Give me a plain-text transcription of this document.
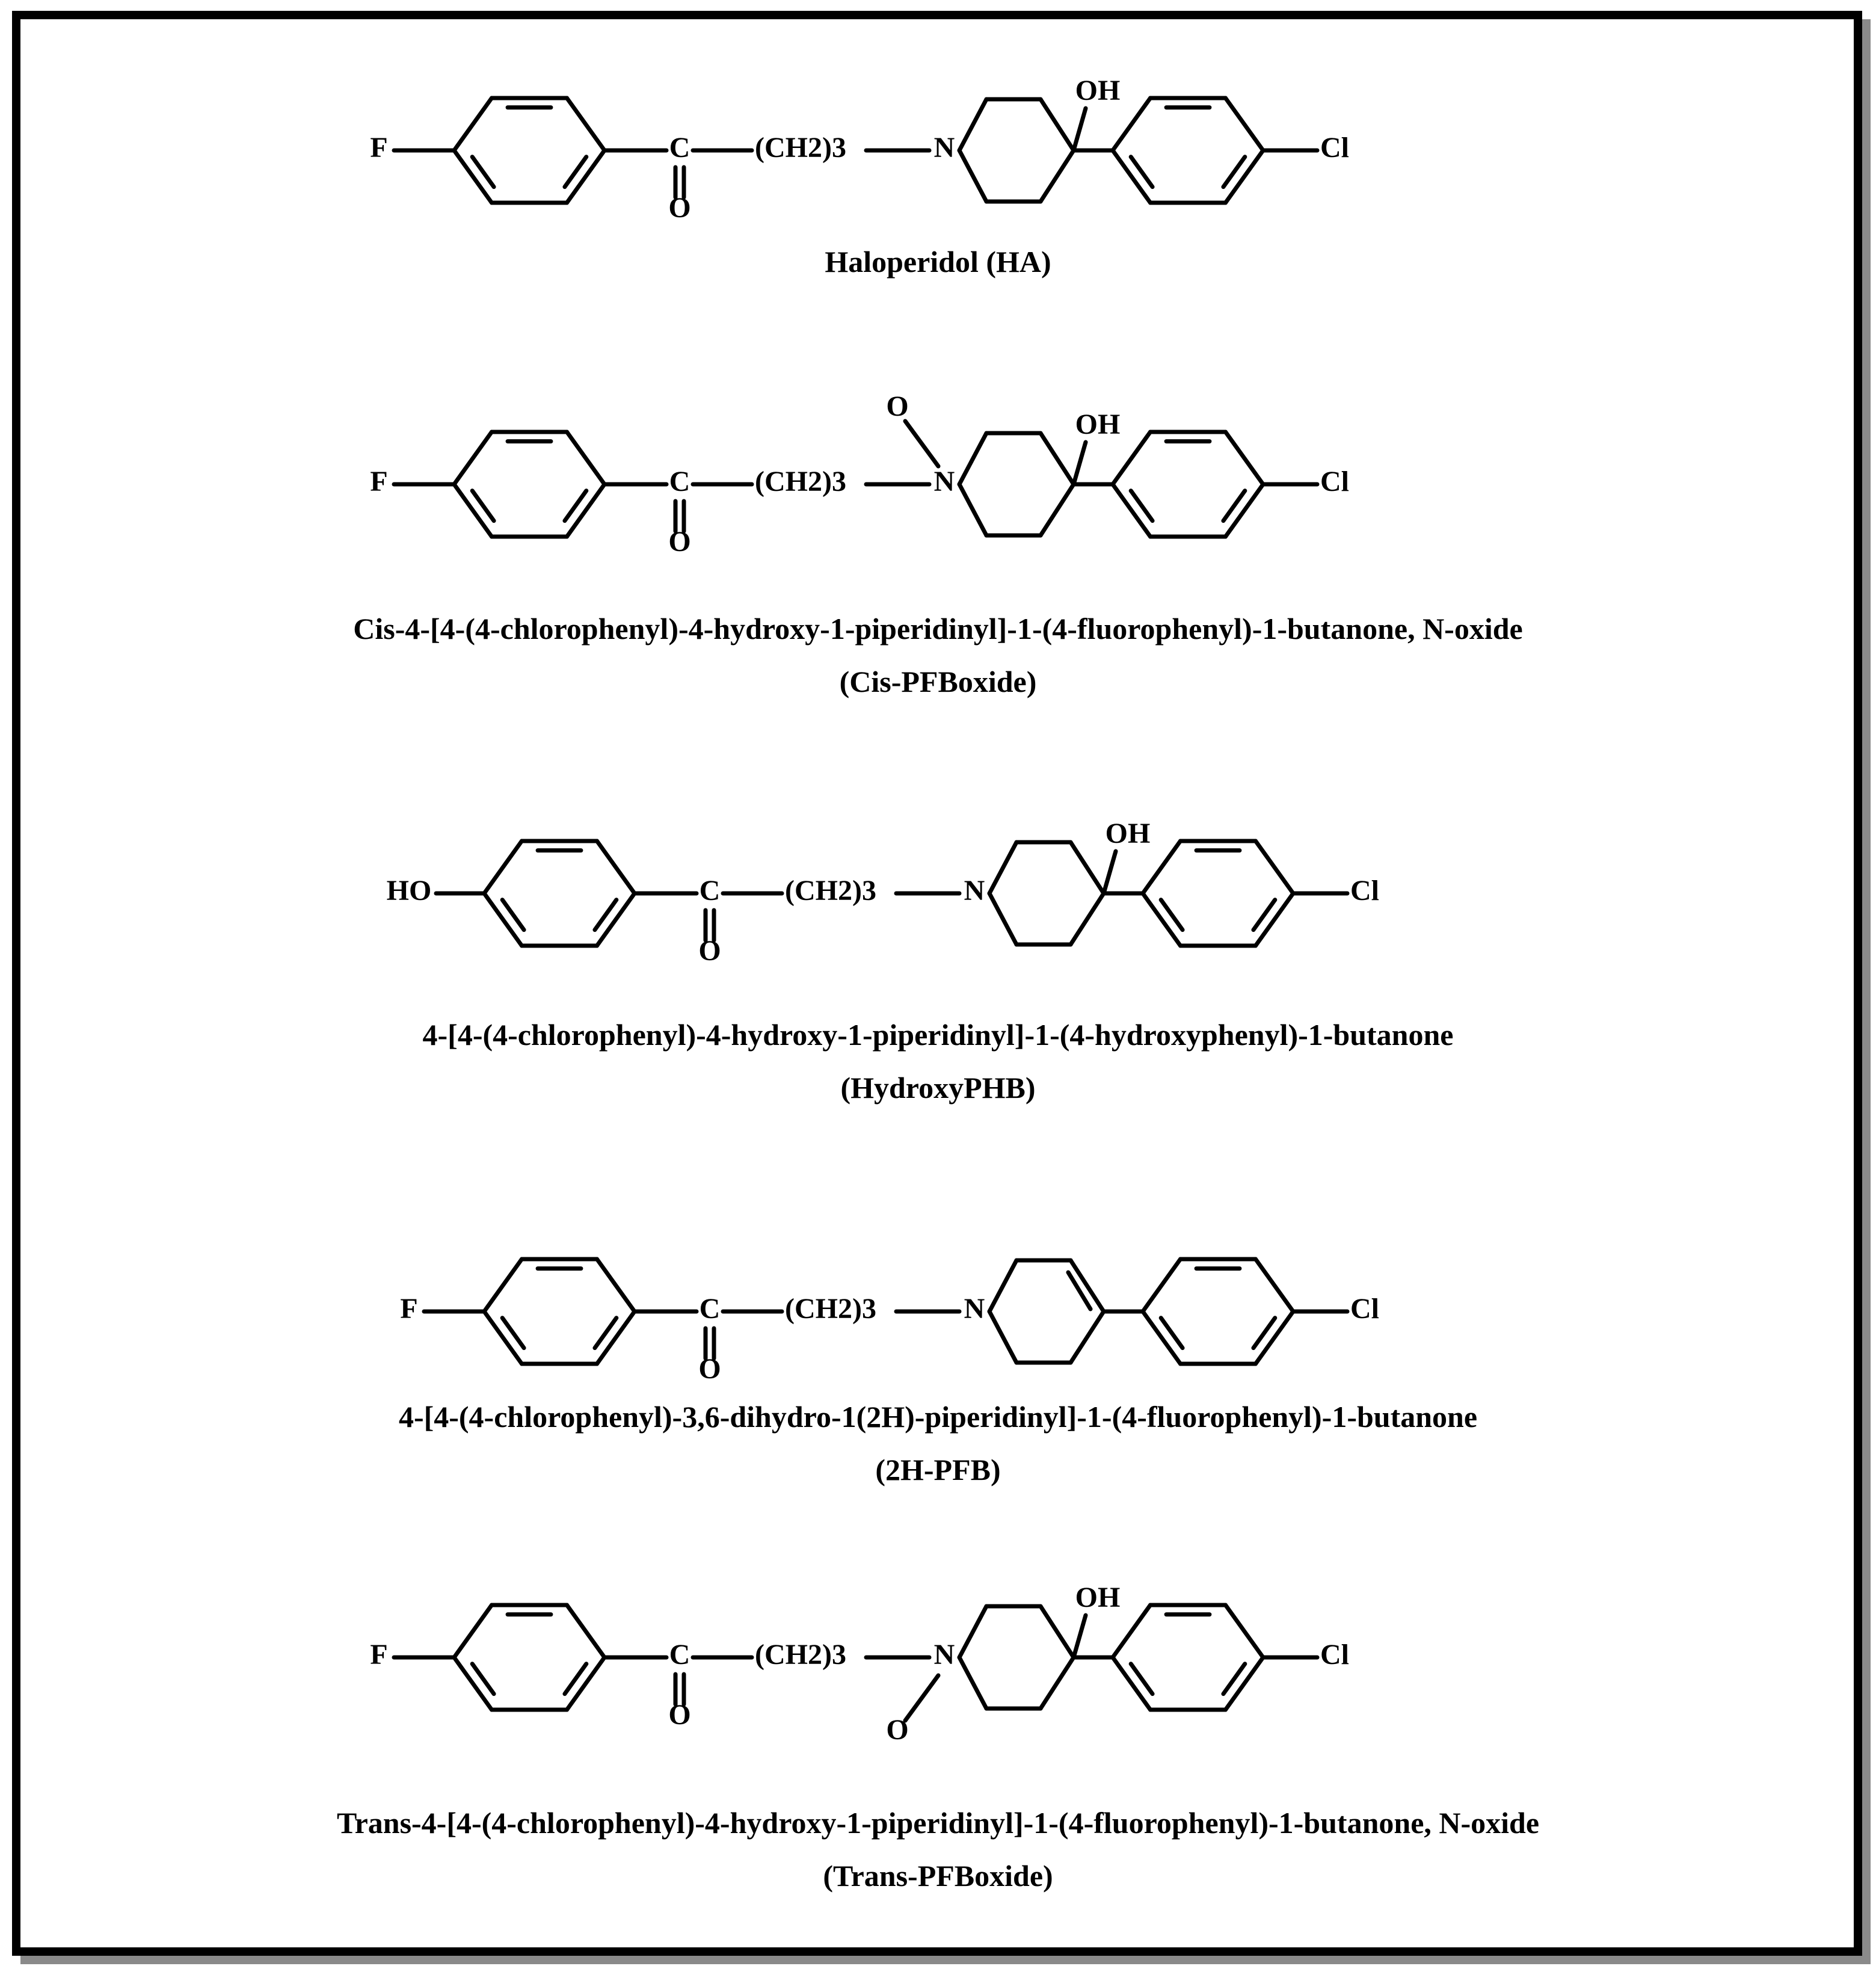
F	C
O
(CH2)3	N
OH
Cl
F	C
O
(CH2)3	N
OH
O
Cl
HO	C
O
(CH2)3	N
OH
Cl
F	C
O
(CH2)3	N	Cl
F	C
O
(CH2)3	N
OH
O
Cl
Haloperidol (HA)
Cis-4-[4-(4-chlorophenyl)-4-hydroxy-1-piperidinyl]-1-(4-fluorophenyl)-1-butanone, N-oxide
(Cis-PFBoxide)
4-[4-(4-chlorophenyl)-4-hydroxy-1-piperidinyl]-1-(4-hydroxyphenyl)-1-butanone
(HydroxyPHB)
4-[4-(4-chlorophenyl)-3,6-dihydro-1(2H)-piperidinyl]-1-(4-fluorophenyl)-1-butanone
(2H-PFB)
Trans-4-[4-(4-chlorophenyl)-4-hydroxy-1-piperidinyl]-1-(4-fluorophenyl)-1-butanone, N-oxide
(Trans-PFBoxide)
